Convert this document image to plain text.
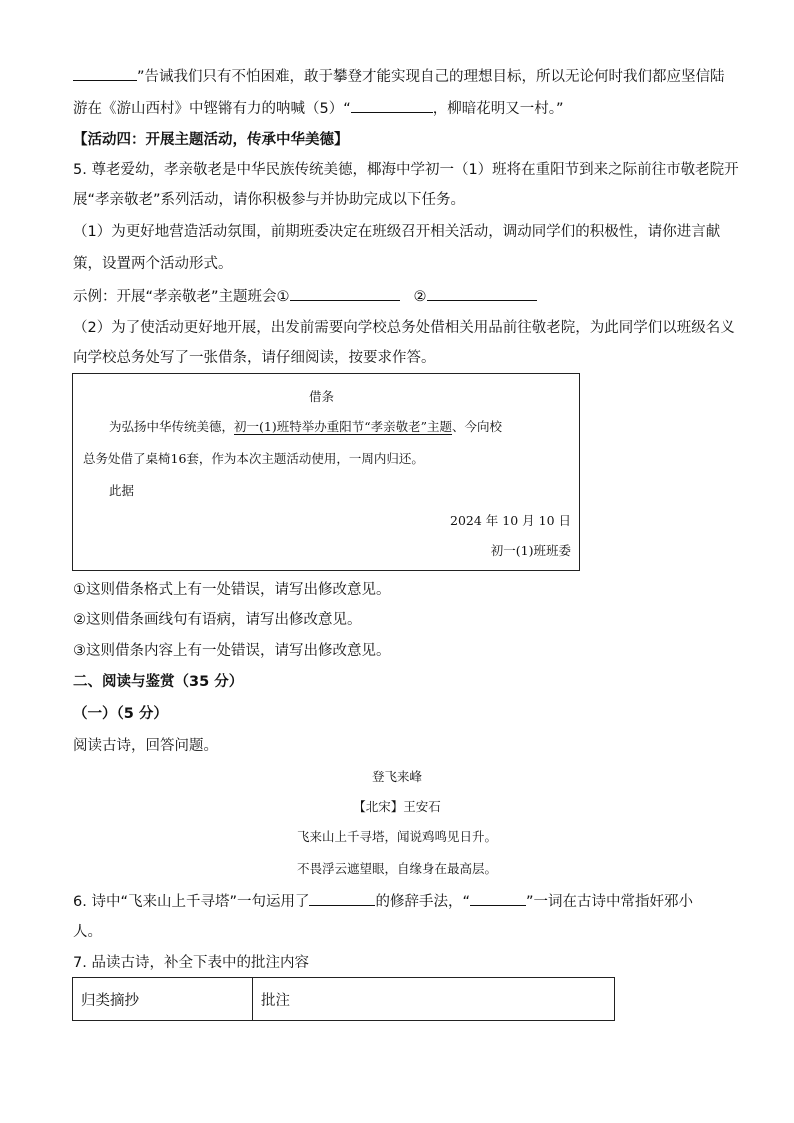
”告诫我们只有不怕困难，敢于攀登才能实现自己的理想目标，所以无论何时我们都应坚信陆
游在《游山西村》中铿锵有力的呐喊（5）“	，柳暗花明又一村。”
【活动四：开展主题活动，传承中华美德】
5. 尊老爱幼，孝亲敬老是中华民族传统美德，椰海中学初一（1）班将在重阳节到来之际前往市敬老院开
展“孝亲敬老”系列活动，请你积极参与并协助完成以下任务。
（1）为更好地营造活动氛围，前期班委决定在班级召开相关活动，调动同学们的积极性，请你进言献
策，设置两个活动形式。
示例：开展“孝亲敬老”主题班会①	②
（2）为了使活动更好地开展，出发前需要向学校总务处借相关用品前往敬老院，为此同学们以班级名义
向学校总务处写了一张借条，请仔细阅读，按要求作答。
借条
为弘扬中华传统美德，初一(1)班特举办重阳节“孝亲敬老”主题、今向校
总务处借了桌椅16套，作为本次主题活动使用，一周内归还。
此据
2024 年 10 月 10 日
初一(1)班班委
①这则借条格式上有一处错误，请写出修改意见。
②这则借条画线句有语病，请写出修改意见。
③这则借条内容上有一处错误，请写出修改意见。
二、阅读与鉴赏（35 分）
（一）（5 分）
阅读古诗，回答问题。
登飞来峰
【北宋】王安石
飞来山上千寻塔，闻说鸡鸣见日升。
不畏浮云遮望眼，自缘身在最高层。
6. 诗中“飞来山上千寻塔”一句运用了	的修辞手法，“	”一词在古诗中常指奸邪小
人。
7. 品读古诗，补全下表中的批注内容
归类摘抄	批注
